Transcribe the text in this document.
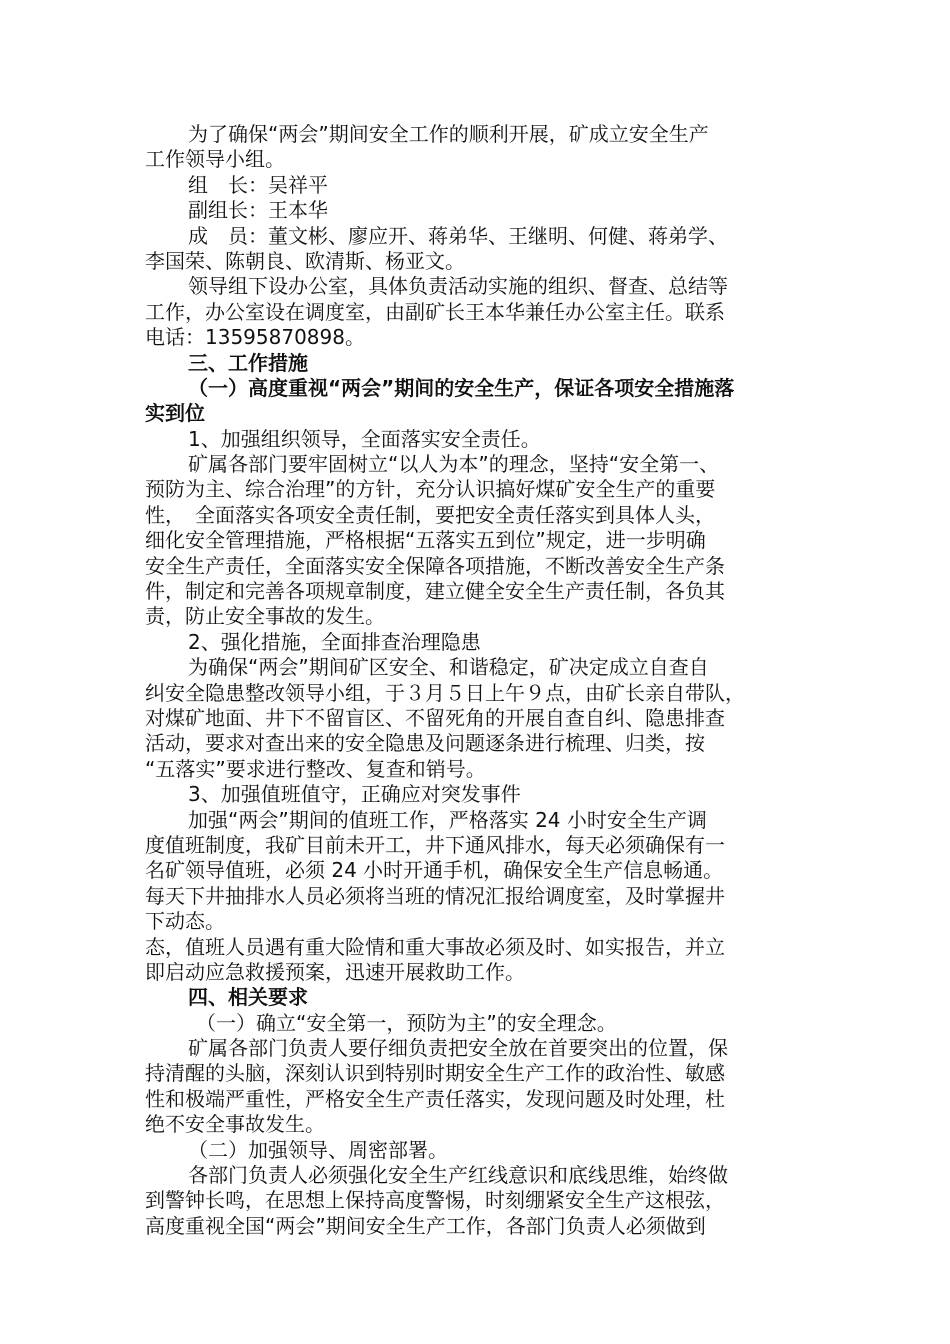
为了确保“两会”期间安全工作的顺利开展，矿成立安全生产
工作领导小组。
组　长：吴祥平
副组长：王本华
成　员：董文彬、廖应开、蒋弟华、王继明、何健、蒋弟学、
李国荣、陈朝良、欧清斯、杨亚文。
领导组下设办公室，具体负责活动实施的组织、督查、总结等
工作，办公室设在调度室，由副矿长王本华兼任办公室主任。联系
电话：13595870898。
三、工作措施
（一）高度重视“两会”期间的安全生产，保证各项安全措施落
实到位
1、加强组织领导，全面落实安全责任。
矿属各部门要牢固树立“以人为本”的理念，坚持“安全第一、
预防为主、综合治理”的方针，充分认识搞好煤矿安全生产的重要
性，　全面落实各项安全责任制，要把安全责任落实到具体人头，
细化安全管理措施，严格根据“五落实五到位”规定，进一步明确
安全生产责任，全面落实安全保障各项措施，不断改善安全生产条
件，制定和完善各项规章制度，建立健全安全生产责任制，各负其
责，防止安全事故的发生。
2、强化措施，全面排查治理隐患
为确保“两会”期间矿区安全、和谐稳定，矿决定成立自查自
纠安全隐患整改领导小组，于３月５日上午９点，由矿长亲自带队，
对煤矿地面、井下不留盲区、不留死角的开展自查自纠、隐患排查
活动，要求对查出来的安全隐患及问题逐条进行梳理、归类，按
“五落实”要求进行整改、复查和销号。
3、加强值班值守，正确应对突发事件
加强“两会”期间的值班工作，严格落实 24 小时安全生产调
度值班制度，我矿目前未开工，井下通风排水，每天必须确保有一
名矿领导值班，必须 24 小时开通手机，确保安全生产信息畅通。
每天下井抽排水人员必须将当班的情况汇报给调度室，及时掌握井
下动态。
态，值班人员遇有重大险情和重大事故必须及时、如实报告，并立
即启动应急救援预案，迅速开展救助工作。
四、相关要求
（一）确立“安全第一，预防为主”的安全理念。
矿属各部门负责人要仔细负责把安全放在首要突出的位置，保
持清醒的头脑，深刻认识到特别时期安全生产工作的政治性、敏感
性和极端严重性，严格安全生产责任落实，发现问题及时处理，杜
绝不安全事故发生。
（二）加强领导、周密部署。
各部门负责人必须强化安全生产红线意识和底线思维，始终做
到警钟长鸣，在思想上保持高度警惕，时刻绷紧安全生产这根弦，
高度重视全国“两会”期间安全生产工作，各部门负责人必须做到
